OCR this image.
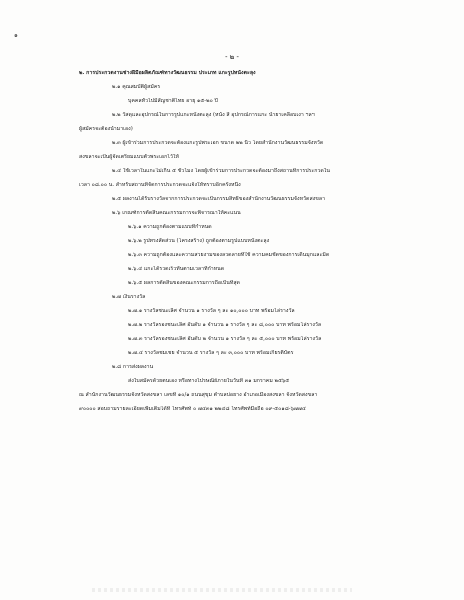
๑
- ๒ -
๒. การประกวดงานช่างฝีมือผลิตภัณฑ์ทางวัฒนธรรม ประเภท แกะรูปหนังตะลุง
๒.๑ คุณสมบัติผู้สมัคร
บุคคลทั่วไปมีสัญชาติไทย อายุ ๑๕-๒๐ ปี
๒.๒ วัสดุและอุปกรณ์ในการรูปแกะหนังตะลุง (หนัง สี อุปกรณ์การแกะ น้ำยาเคลือบเงา ฯลฯ
ผู้สมัครจะต้องนำมาเอง)
๒.๓ ผู้เข้าร่วมการประกวดจะต้องแกะรูปพระเอก ขนาด ๒๒ นิ้ว โดยสำนักงานวัฒนธรรมจังหวัด
สงขลาจะเป็นผู้จัดเตรียมแบบตัวพระเอกไว้ให้
๒.๔ ใช้เวลาในแกะไม่เกิน ๕ ชั่วโมง โดยผู้เข้าร่วมการประกวดจะต้องมาถึงสถานที่การประกวดใน
เวลา ๐๘.๐๐ น. สำหรับสถานที่จัดการประกวดจะแจ้งให้ทราบอีกครั้งหนึ่ง
๒.๕ ผลงานได้รับรางวัลจากการประกวดจะเป็นกรรมสิทธิ์ของสำนักงานวัฒนธรรมจังหวัดสงขลา
๒.๖ เกณฑ์การตัดสินคณะกรรมการจะพิจารณาให้คะแนน
๒.๖.๑ ความถูกต้องตามแบบที่กำหนด
๒.๖.๒ รูปทรงสัดส่วน (โครงสร้าง) ถูกต้องตามรูปแบบหนังตะลุง
๒.๖.๓ ความถูกต้องและความสวยงามของลวดลายที่ใช้ ความคมชัดของการเดินมุกและมีด
๒.๖.๔ แกะได้รวดเร็วทันตามเวลาที่กำหนด
๒.๖.๕ ผลการตัดสินของคณะกรรมการถือเป็นที่สุด
๒.๗ เงินรางวัล
๒.๗.๑ รางวัลชนะเลิศ จำนวน ๑ รางวัล ๆ ละ ๑๐,๐๐๐ บาท พร้อมโล่รางวัล
๒.๗.๒ รางวัลรองชนะเลิศ อันดับ ๑ จำนวน ๑ รางวัล ๆ ละ ๘,๐๐๐ บาท พร้อมโล่รางวัล
๒.๗.๓ รางวัลรองชนะเลิศ อันดับ ๒ จำนวน ๑ รางวัล ๆ ละ ๕,๐๐๐ บาท พร้อมโล่รางวัล
๒.๗.๔ รางวัลชมเชย จำนวน ๕ รางวัล ๆ ละ ๓,๐๐๐ บาท พร้อมเกียรติบัตร
๒.๘ การส่งผลงาน
ส่งใบสมัครด้วยตนเอง หรือทางไปรษณีย์ภายในวันที่ ๓๑ มกราคม ๒๕๖๕
ณ สำนักงานวัฒนธรรมจังหวัดสงขลา เลขที่ ๑๐/๑ ถนนสุขุม ตำบลบ่อยาง อำเภอเมืองสงขลา จังหวัดสงขลา
๙๐๐๐๐ สอบถามรายละเอียดเพิ่มเติมได้ที่ โทรศัพท์ ๐ ๗๔๓๑ ๒๒๔๘ โทรศัพท์มือถือ ๐๙-๕๐๑๘-๖๗๗๔
